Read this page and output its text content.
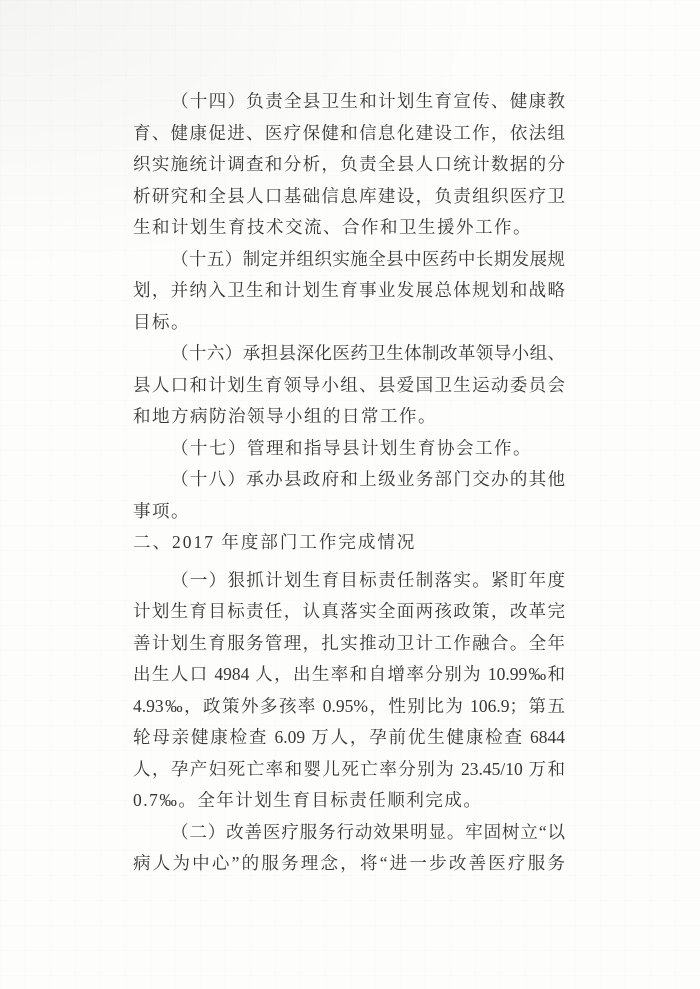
（十四）负责全县卫生和计划生育宣传、健康教
育、健康促进、医疗保健和信息化建设工作，依法组
织实施统计调查和分析，负责全县人口统计数据的分
析研究和全县人口基础信息库建设，负责组织医疗卫
生和计划生育技术交流、合作和卫生援外工作。
（十五）制定并组织实施全县中医药中长期发展规
划，并纳入卫生和计划生育事业发展总体规划和战略
目标。
（十六）承担县深化医药卫生体制改革领导小组、
县人口和计划生育领导小组、县爱国卫生运动委员会
和地方病防治领导小组的日常工作。
（十七）管理和指导县计划生育协会工作。
（十八）承办县政府和上级业务部门交办的其他
事项。
二、2017 年度部门工作完成情况
（一）狠抓计划生育目标责任制落实。紧盯年度
计划生育目标责任，认真落实全面两孩政策，改革完
善计划生育服务管理，扎实推动卫计工作融合。全年
出生人口 4984 人，出生率和自增率分别为 10.99‰和
4.93‰，政策外多孩率 0.95%，性别比为 106.9；第五
轮母亲健康检查 6.09 万人，孕前优生健康检查 6844
人，孕产妇死亡率和婴儿死亡率分别为 23.45/10 万和
0.7‰。全年计划生育目标责任顺利完成。
（二）改善医疗服务行动效果明显。牢固树立“以
病人为中心”的服务理念，将“进一步改善医疗服务
